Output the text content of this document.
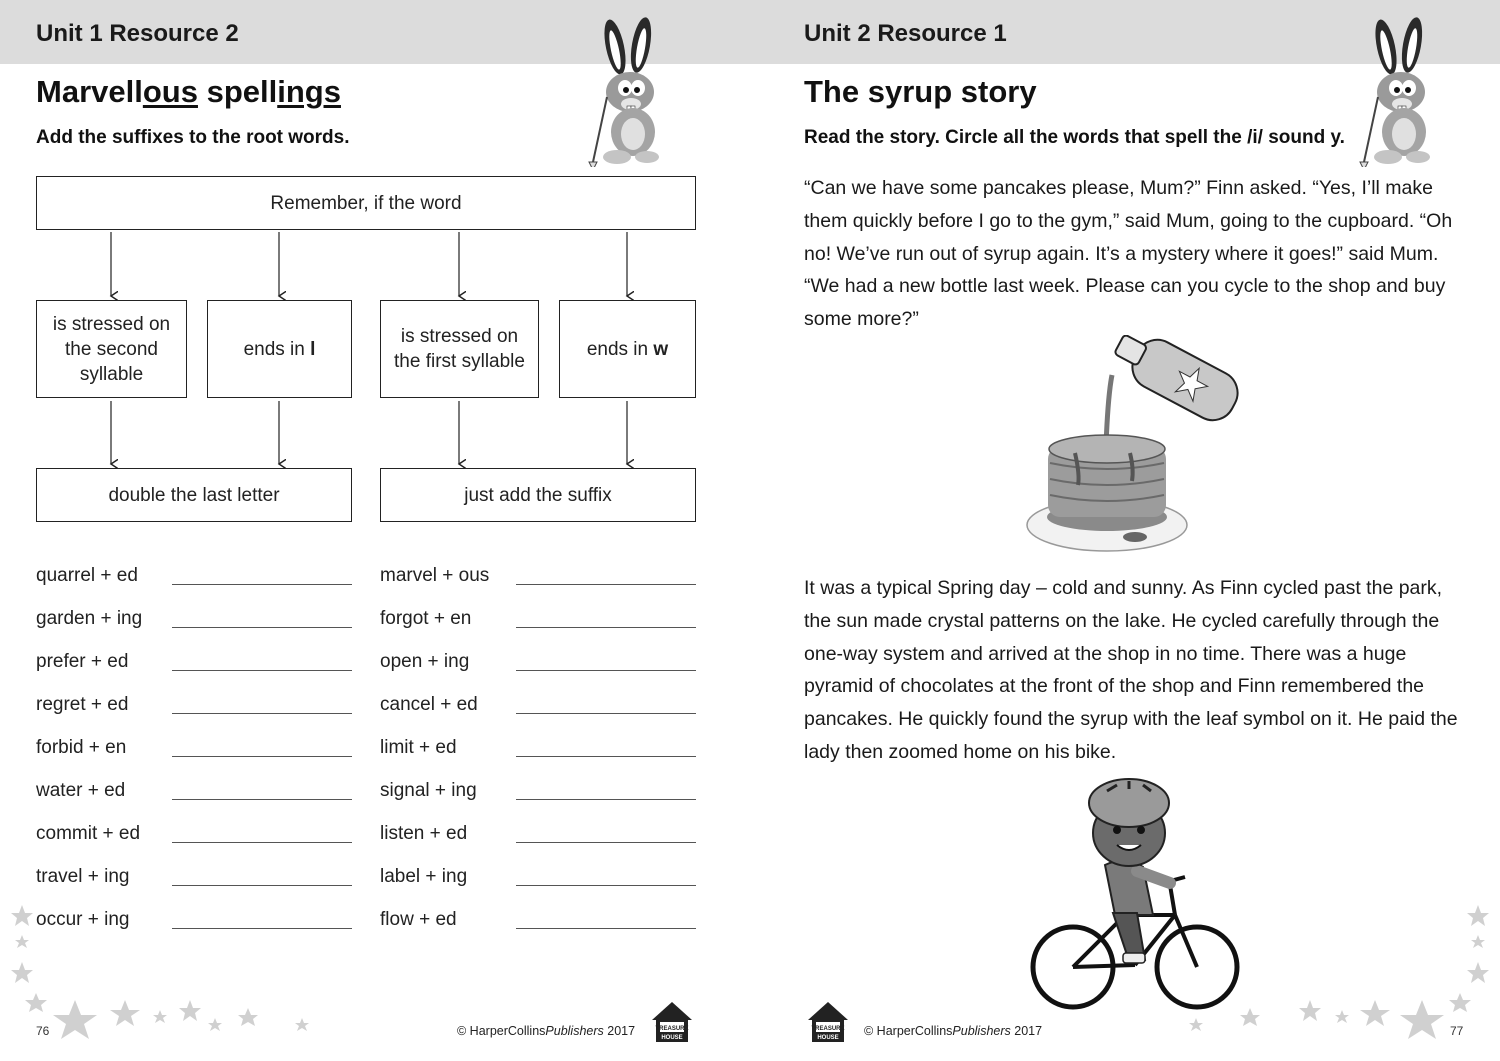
Unit 1 Resource 2
Marvellous spellings
Add the suffixes to the root words.
Remember, if the word
is stressed on the second syllable
ends in l
is stressed on the first syllable
ends in w
double the last letter	just add the suffix
quarrel + ed	marvel + ous
garden + ing	forgot + en
prefer + ed	open + ing
regret + ed	cancel + ed
forbid + en	limit + ed
water + ed	signal + ing
commit + ed	listen + ed
travel + ing	label + ing
occur + ing	flow + ed
76	© HarperCollinsPublishers 2017	TREASURE
HOUSE
Unit 2 Resource 1
The syrup story
Read the story. Circle all the words that spell the /i/ sound y.
“Can we have some pancakes please, Mum?” Finn asked. “Yes, I’ll make them quickly before I go to the gym,” said Mum, going to the cupboard. “Oh no! We’ve run out of syrup again. It’s a mystery where it goes!” said Mum. “We had a new bottle last week. Please can you cycle to the shop and buy some more?”
It was a typical Spring day – cold and sunny. As Finn cycled past the park, the sun made crystal patterns on the lake. He cycled carefully through the one-way system and arrived at the shop in no time. There was a huge pyramid of chocolates at the front of the shop and Finn remembered the pancakes. He quickly found the syrup with the leaf symbol on it. He paid the lady then zoomed home on his bike.
TREASURE
HOUSE © HarperCollinsPublishers 2017	77
